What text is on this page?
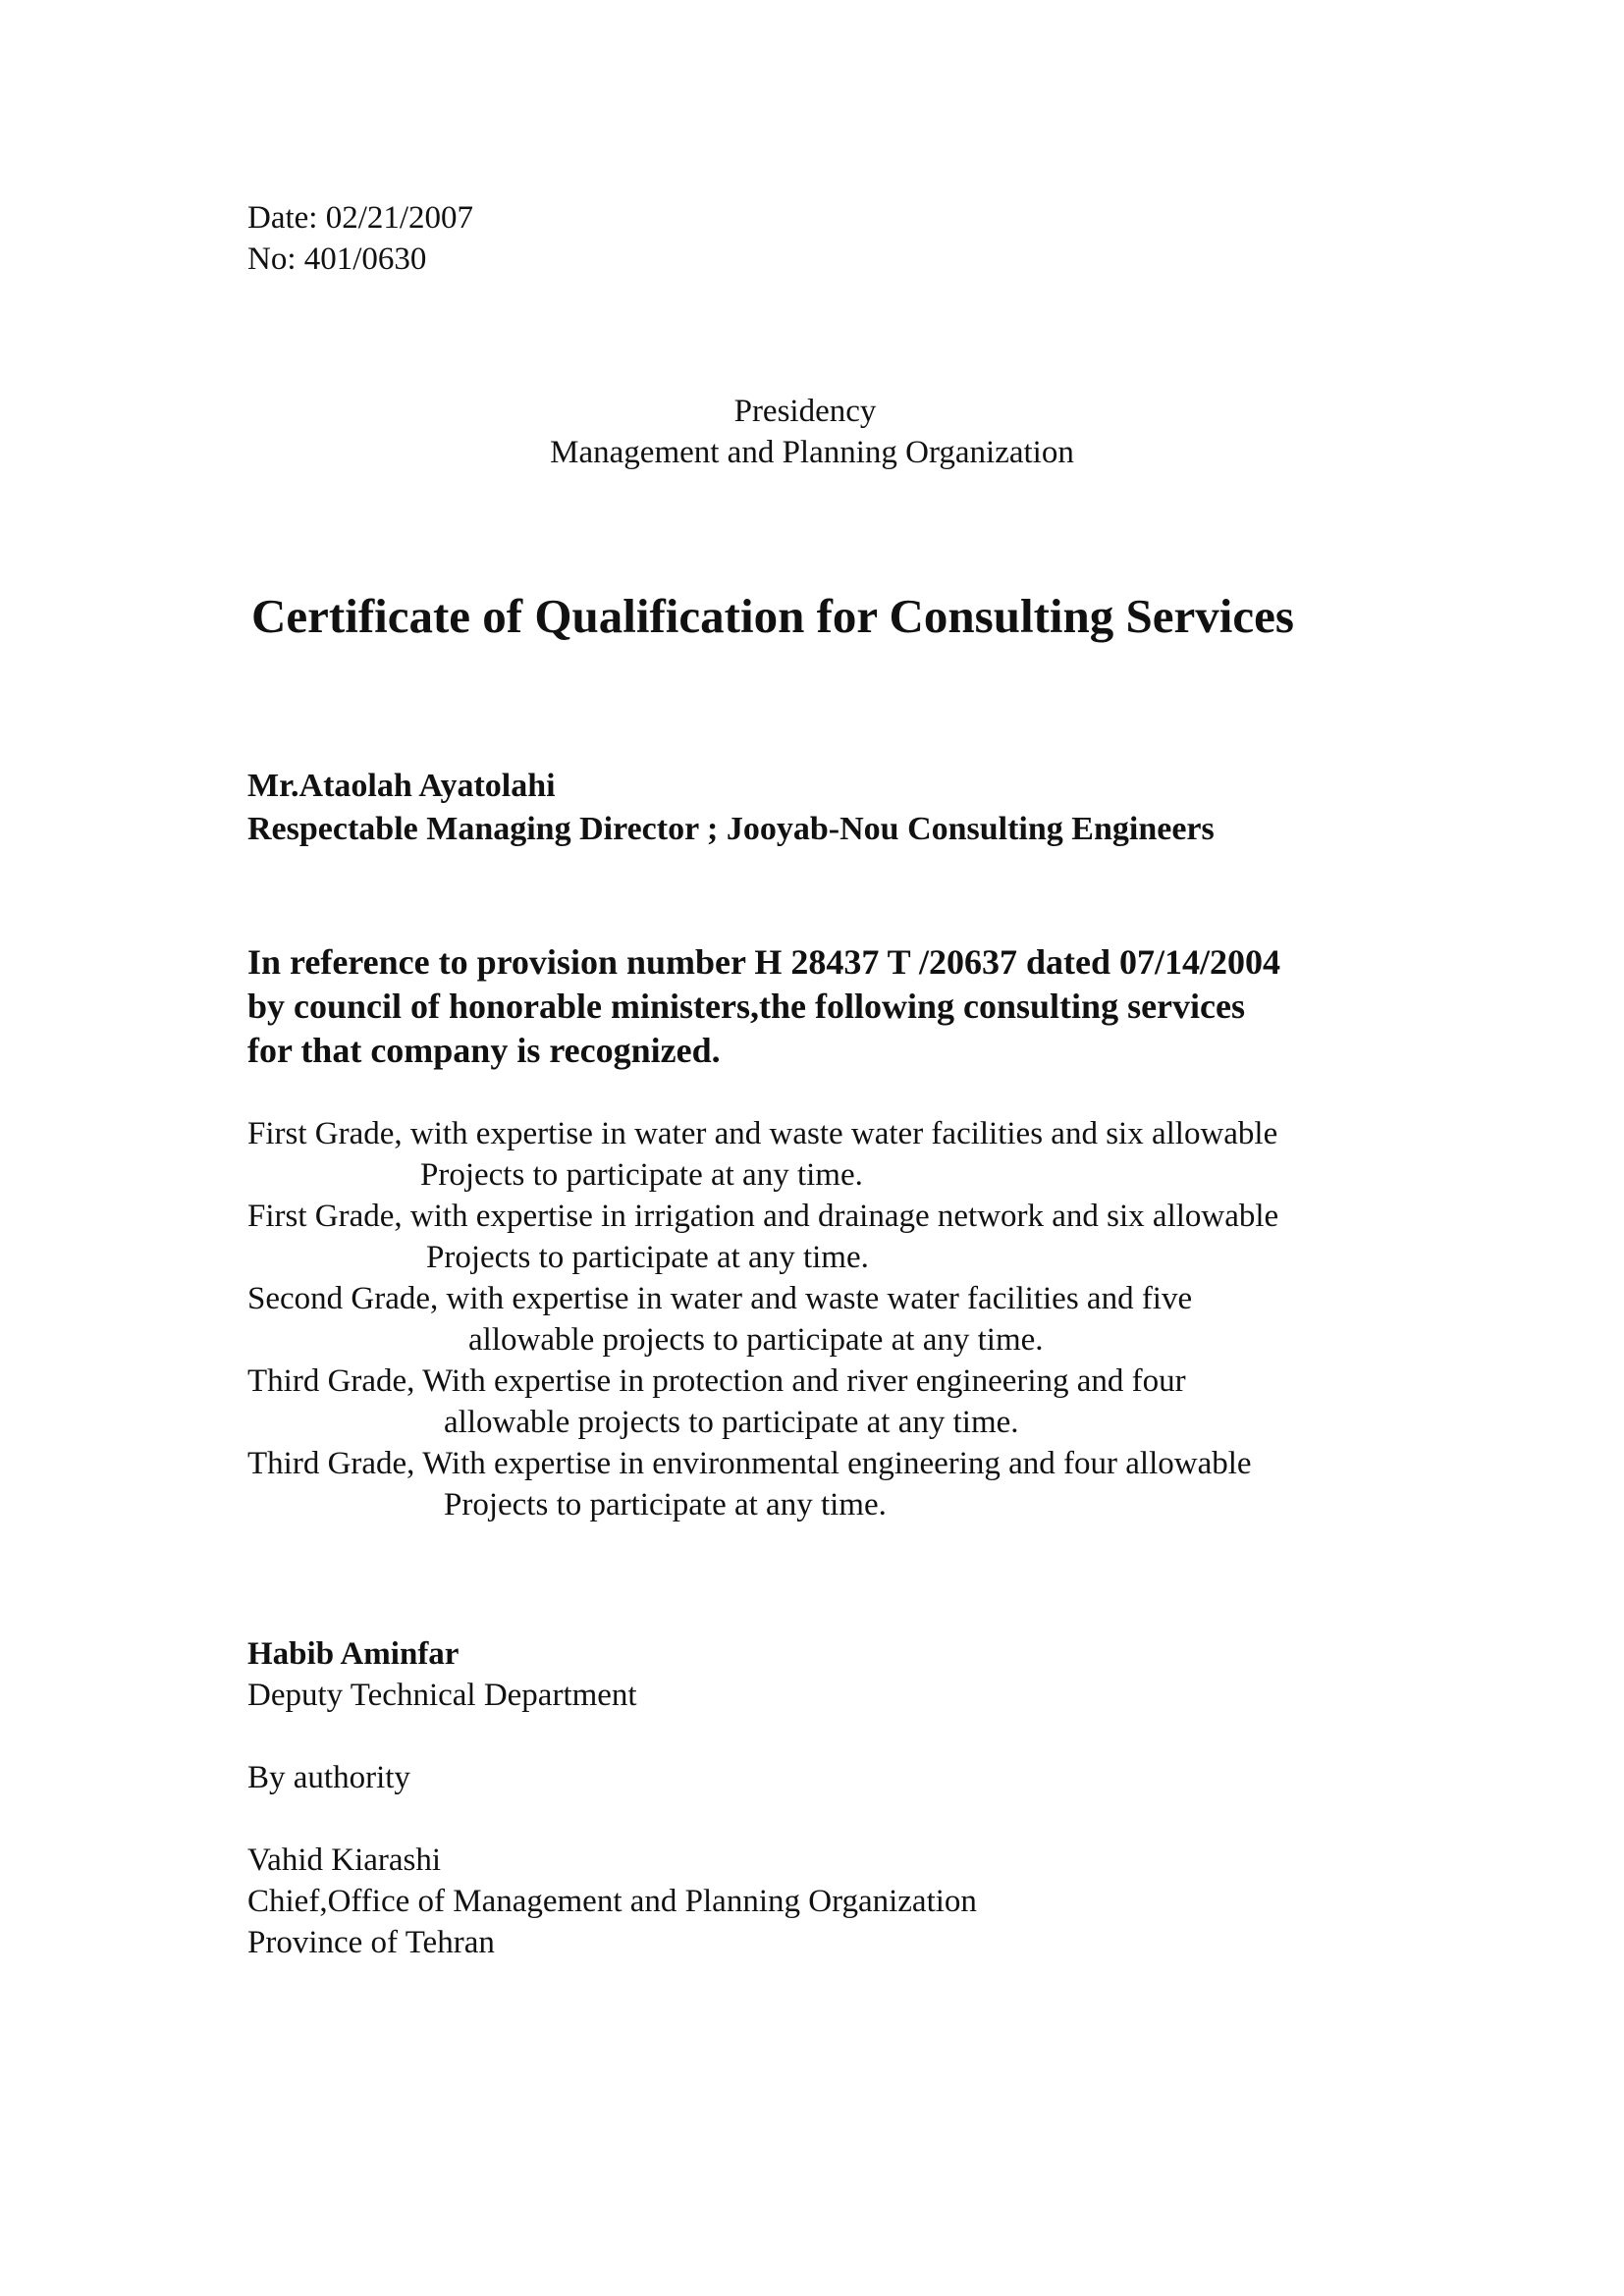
Date: 02/21/2007
No: 401/0630
Presidency
Management and Planning Organization
Certificate of Qualification for Consulting Services
Mr.Ataolah Ayatolahi
Respectable Managing Director ; Jooyab-Nou Consulting Engineers
In reference to provision number H 28437 T /20637 dated 07/14/2004
by council of honorable ministers,the following consulting services
for that company is recognized.
First Grade, with expertise in water and waste water facilities and six allowable
Projects to participate at any time.
First Grade, with expertise in irrigation and drainage network and six allowable
Projects to participate at any time.
Second Grade, with expertise in water and waste water facilities and five
allowable projects to participate at any time.
Third Grade, With expertise in protection and river engineering and four
allowable projects to participate at any time.
Third Grade, With expertise in environmental engineering and four allowable
Projects to participate at any time.
Habib Aminfar
Deputy Technical Department
By authority
Vahid Kiarashi
Chief,Office of Management and Planning Organization
Province of Tehran
